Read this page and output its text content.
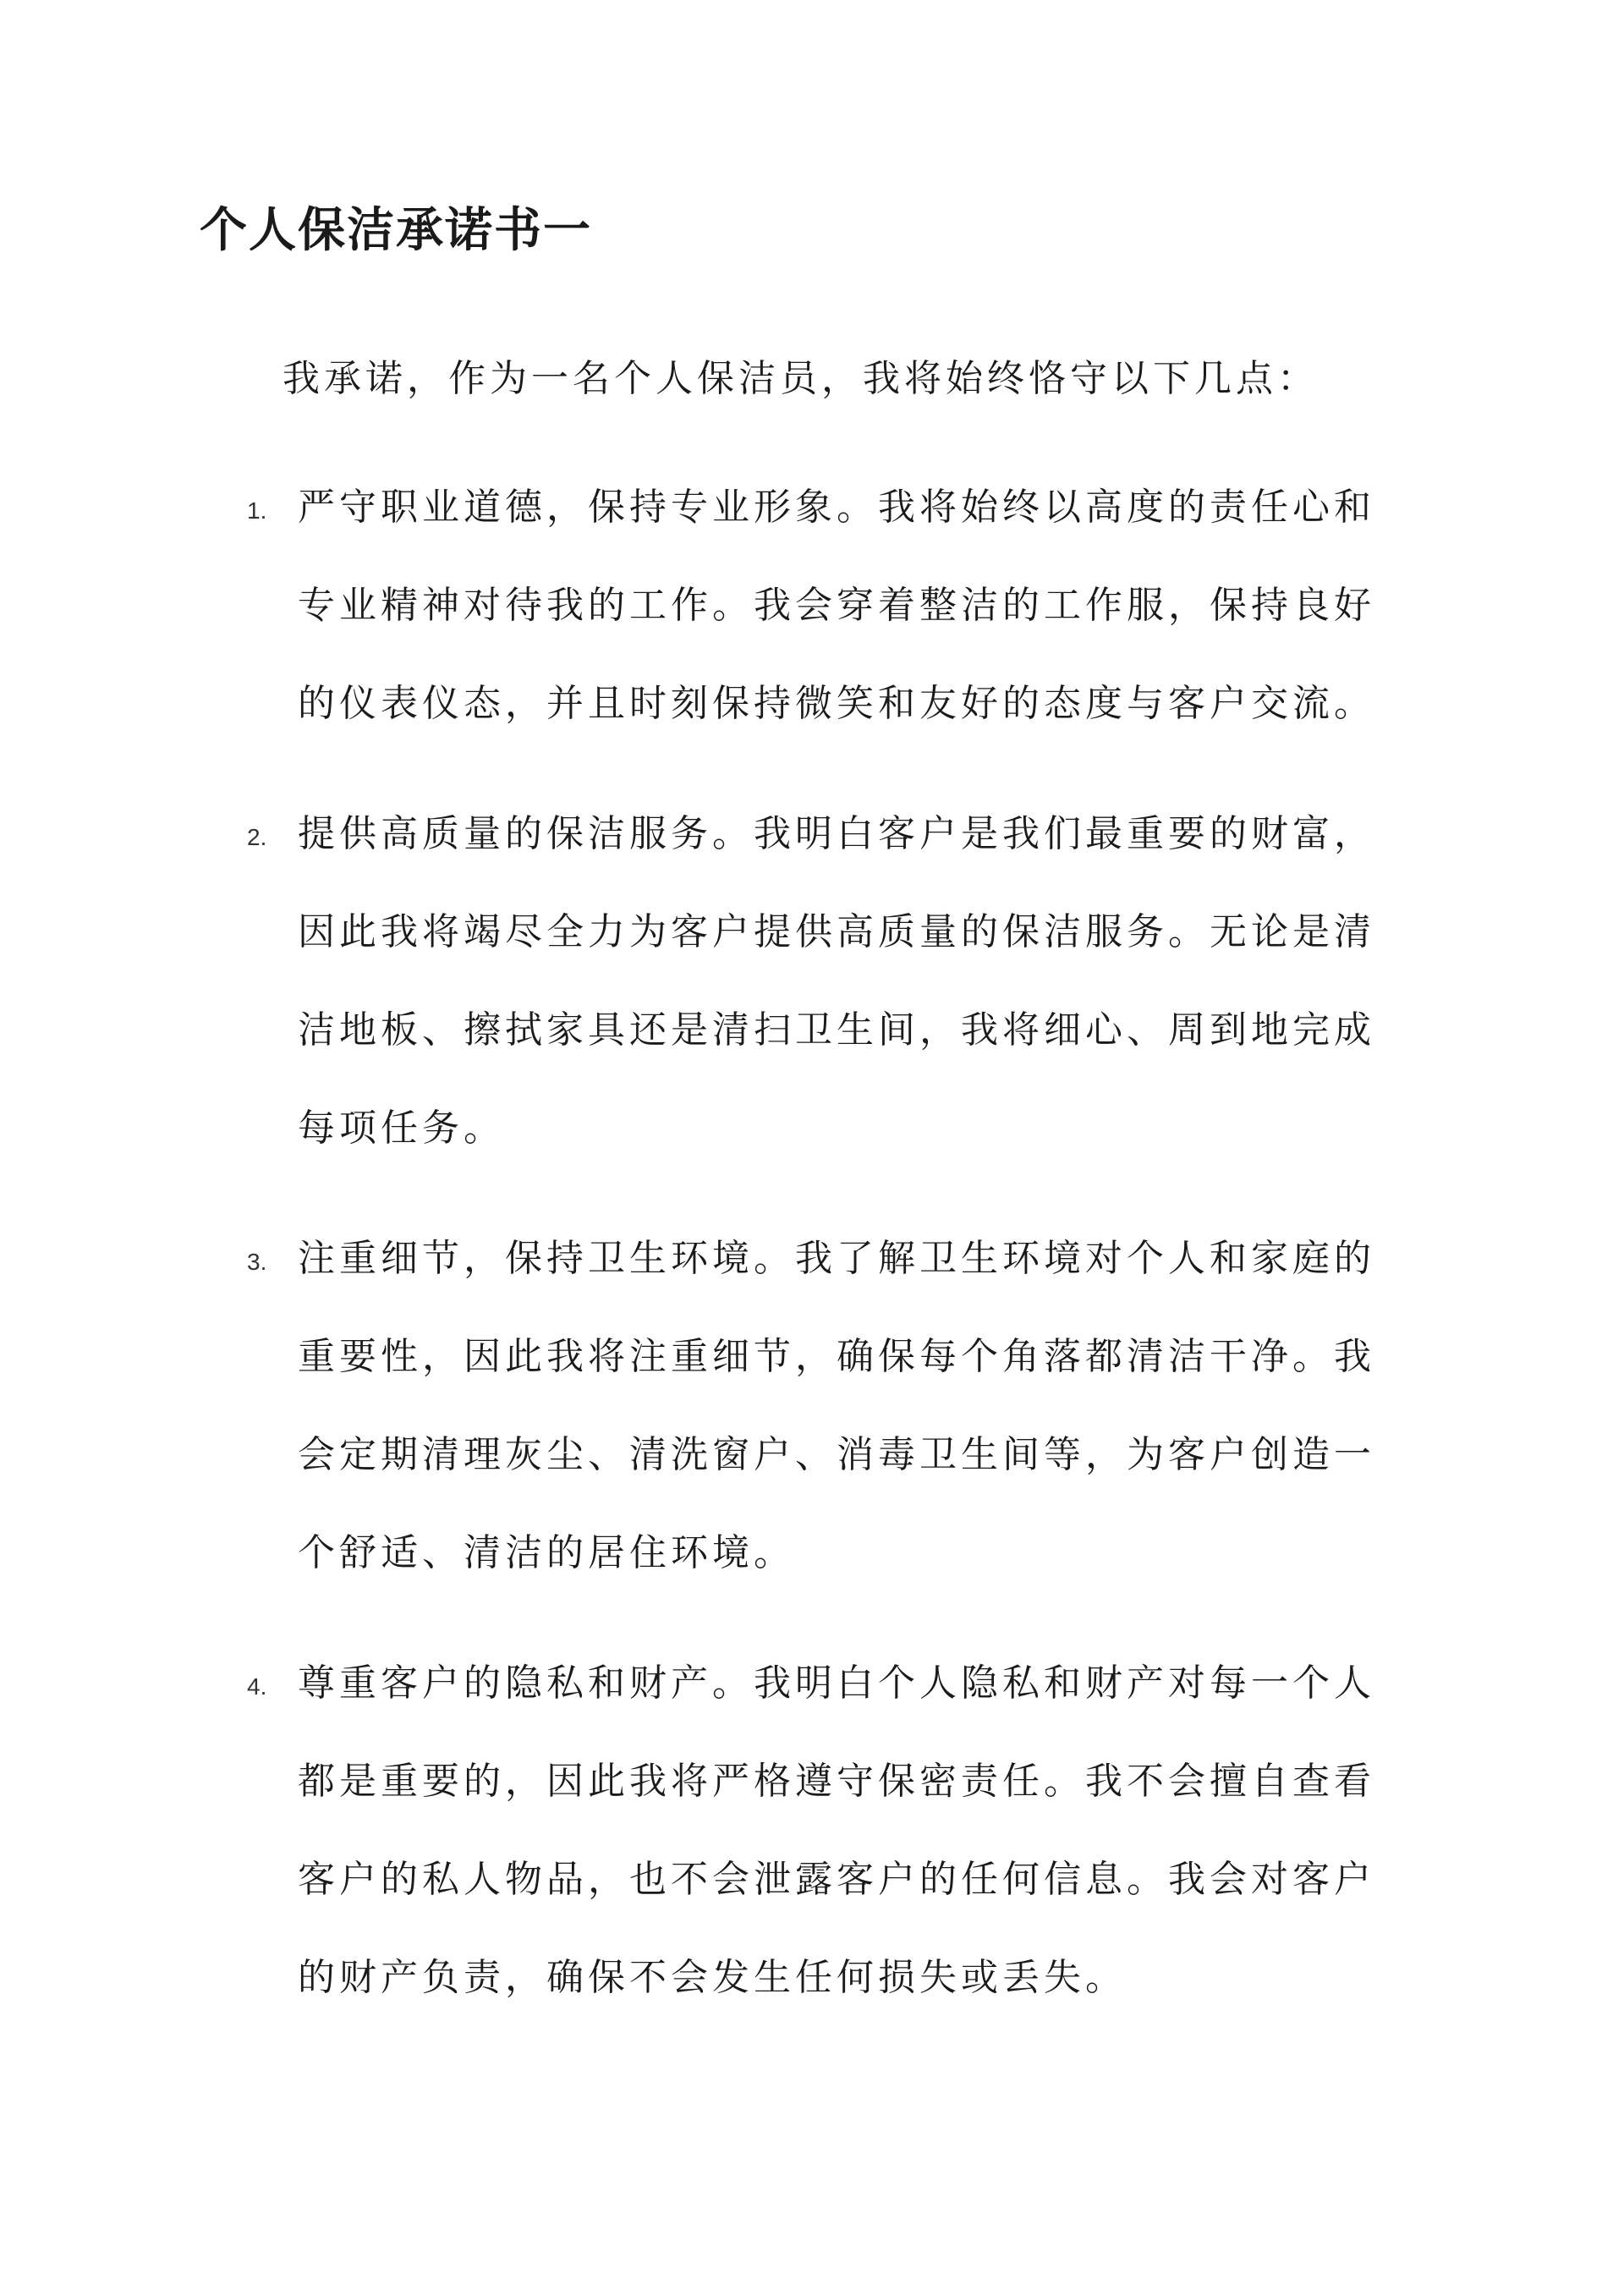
个人保洁承诺书一

我承诺，作为一名个人保洁员，我将始终恪守以下几点：

1. 严守职业道德，保持专业形象。我将始终以高度的责任心和
专业精神对待我的工作。我会穿着整洁的工作服，保持良好
的仪表仪态，并且时刻保持微笑和友好的态度与客户交流。
2. 提供高质量的保洁服务。我明白客户是我们最重要的财富，
因此我将竭尽全力为客户提供高质量的保洁服务。无论是清
洁地板、擦拭家具还是清扫卫生间，我将细心、周到地完成
每项任务。
3. 注重细节，保持卫生环境。我了解卫生环境对个人和家庭的
重要性，因此我将注重细节，确保每个角落都清洁干净。我
会定期清理灰尘、清洗窗户、消毒卫生间等，为客户创造一
个舒适、清洁的居住环境。
4. 尊重客户的隐私和财产。我明白个人隐私和财产对每一个人
都是重要的，因此我将严格遵守保密责任。我不会擅自查看
客户的私人物品，也不会泄露客户的任何信息。我会对客户
的财产负责，确保不会发生任何损失或丢失。
